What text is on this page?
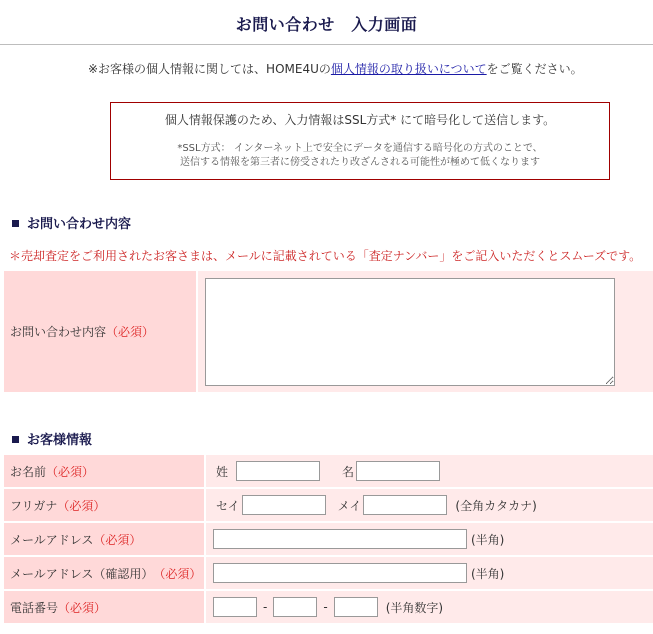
お問い合わせ　入力画面
※お客様の個人情報に関しては、HOME4Uの個人情報の取り扱いについてをご覧ください。
個人情報保護のため、入力情報はSSL方式* にて暗号化して送信します。
*SSL方式： インターネット上で安全にデータを通信する暗号化の方式のことで、
送信する情報を第三者に傍受されたり改ざんされる可能性が極めて低くなります
お問い合わせ内容
＊売却査定をご利用されたお客さまは、メールに記載されている「査定ナンバー」をご記入いただくとスムーズです。
お問い合わせ内容 （必須）
お客様情報
お名前 （必須）	姓	名
フリガナ （必須）	セイ	メイ	(全角カタカナ)
メールアドレス （必須）	(半角)
メールアドレス（確認用） （必須）	(半角)
電話番号 （必須）	-	-	(半角数字)
